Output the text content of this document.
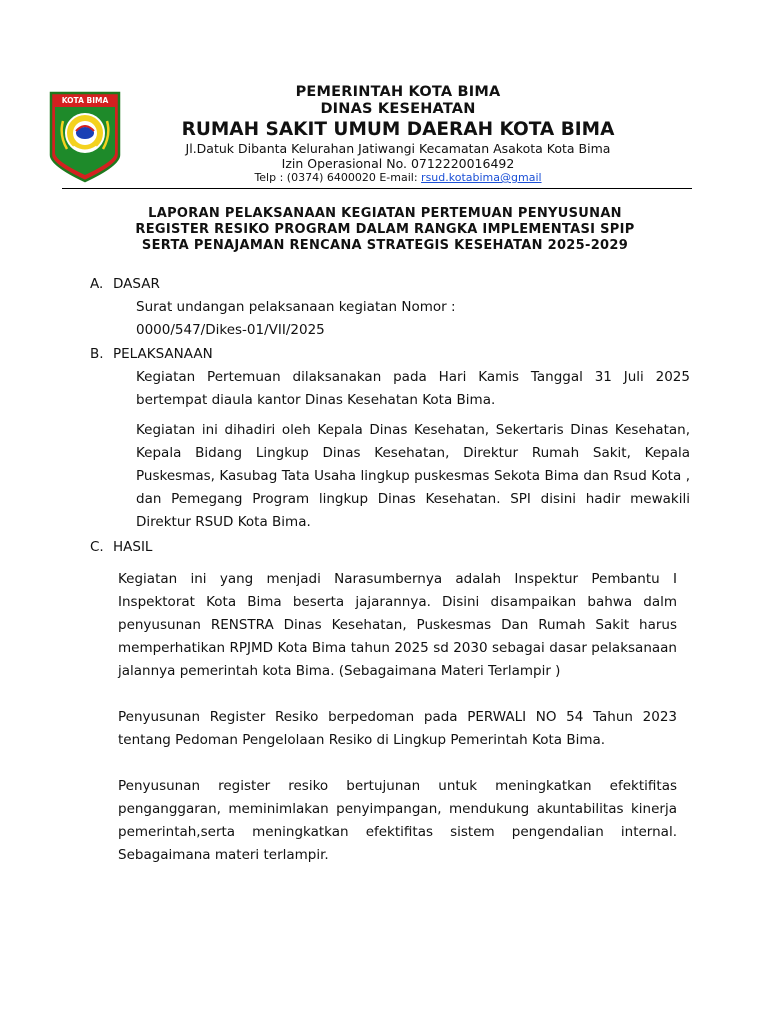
KOTA BIMA
PEMERINTAH KOTA BIMA
DINAS KESEHATAN
RUMAH SAKIT UMUM DAERAH KOTA BIMA
Jl.Datuk Dibanta Kelurahan Jatiwangi Kecamatan Asakota Kota Bima
Izin Operasional No. 0712220016492
Telp : (0374) 6400020 E-mail: rsud.kotabima@gmail
LAPORAN PELAKSANAAN KEGIATAN PERTEMUAN PENYUSUNAN
REGISTER RESIKO PROGRAM DALAM RANGKA IMPLEMENTASI SPIP
SERTA PENAJAMAN RENCANA STRATEGIS KESEHATAN 2025-2029
A. DASAR
Surat undangan pelaksanaan kegiatan Nomor :
0000/547/Dikes-01/VII/2025
B. PELAKSANAAN
Kegiatan Pertemuan dilaksanakan pada Hari Kamis Tanggal 31 Juli 2025 bertempat diaula kantor Dinas Kesehatan Kota Bima.
Kegiatan ini dihadiri oleh Kepala Dinas Kesehatan, Sekertaris Dinas Kesehatan, Kepala Bidang Lingkup Dinas Kesehatan, Direktur Rumah Sakit, Kepala Puskesmas, Kasubag Tata Usaha lingkup puskesmas Sekota Bima dan Rsud Kota , dan Pemegang Program lingkup Dinas Kesehatan. SPI disini hadir mewakili Direktur RSUD Kota Bima.
C. HASIL
Kegiatan ini yang menjadi Narasumbernya adalah Inspektur Pembantu I Inspektorat Kota Bima beserta jajarannya. Disini disampaikan bahwa dalm penyusunan RENSTRA Dinas Kesehatan, Puskesmas Dan Rumah Sakit harus memperhatikan RPJMD Kota Bima tahun 2025 sd 2030 sebagai dasar pelaksanaan jalannya pemerintah kota Bima. (Sebagaimana Materi Terlampir )
Penyusunan Register Resiko berpedoman pada PERWALI NO 54 Tahun 2023 tentang Pedoman Pengelolaan Resiko di Lingkup Pemerintah Kota Bima.
Penyusunan register resiko bertujunan untuk meningkatkan efektifitas penganggaran, meminimlakan penyimpangan, mendukung akuntabilitas kinerja pemerintah,serta meningkatkan efektifitas sistem pengendalian internal. Sebagaimana materi terlampir.
